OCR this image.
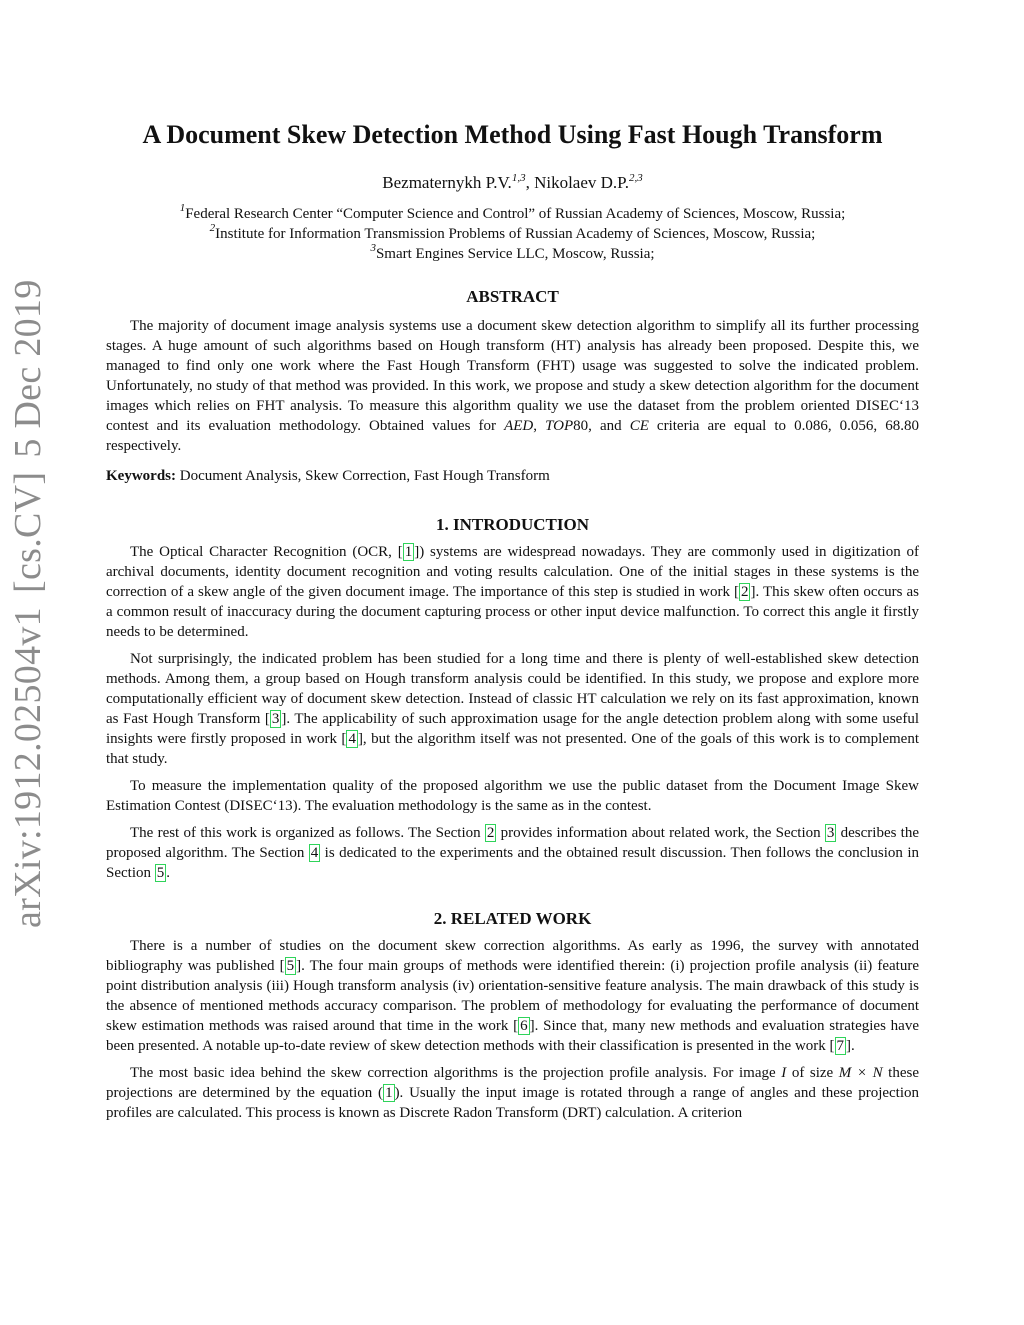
arXiv:1912.02504v1[cs.CV]5 Dec 2019
A Document Skew Detection Method Using Fast Hough Transform
Bezmaternykh P.V.$^{1,3}$, Nikolaev D.P.$^{2,3}$
$^1$Federal Research Center “Computer Science and Control” of Russian Academy of Sciences, Moscow, Russia;
$^2$Institute for Information Transmission Problems of Russian Academy of Sciences, Moscow, Russia;
$^3$Smart Engines Service LLC, Moscow, Russia;
ABSTRACT

The majority of document image analysis systems use a document skew detection algorithm to simplify all its further processing stages. A huge amount of such algorithms based on Hough transform (HT) analysis has already been proposed. Despite this, we managed to find only one work where the Fast Hough Transform (FHT) usage was suggested to solve the indicated problem. Unfortunately, no study of that method was provided. In this work, we propose and study a skew detection algorithm for the document images which relies on FHT analysis. To measure this algorithm quality we use the dataset from the problem oriented DISEC‘13 contest and its evaluation methodology. Obtained values for AED, TOP80, and CE criteria are equal to 0.086, 0.056, 68.80 respectively.

Keywords: Document Analysis, Skew Correction, Fast Hough Transform
1. INTRODUCTION

The Optical Character Recognition (OCR, [ 1 ]) systems are widespread nowadays. They are commonly used in digitization of archival documents, identity document recognition and voting results calculation. One of the initial stages in these systems is the correction of a skew angle of the given document image. The importance of this step is studied in work [ 2 ]. This skew often occurs as a common result of inaccuracy during the document capturing process or other input device malfunction. To correct this angle it firstly needs to be determined.

Not surprisingly, the indicated problem has been studied for a long time and there is plenty of well-established skew detection methods. Among them, a group based on Hough transform analysis could be identified. In this study, we propose and explore more computationally efficient way of document skew detection. Instead of classic HT calculation we rely on its fast approximation, known as Fast Hough Transform [ 3 ]. The applicability of such approximation usage for the angle detection problem along with some useful insights were firstly proposed in work [ 4 ], but the algorithm itself was not presented. One of the goals of this work is to complement that study.

To measure the implementation quality of the proposed algorithm we use the public dataset from the Document Image Skew Estimation Contest (DISEC‘13). The evaluation methodology is the same as in the contest.

The rest of this work is organized as follows. The Section 2 provides information about related work, the Section 3 describes the proposed algorithm. The Section 4 is dedicated to the experiments and the obtained result discussion. Then follows the conclusion in Section 5 .

2. RELATED WORK

There is a number of studies on the document skew correction algorithms. As early as 1996, the survey with annotated bibliography was published [ 5 ]. The four main groups of methods were identified therein: (i) projection profile analysis (ii) feature point distribution analysis (iii) Hough transform analysis (iv) orientation-sensitive feature analysis. The main drawback of this study is the absence of mentioned methods accuracy comparison. The problem of methodology for evaluating the performance of document skew estimation methods was raised around that time in the work [ 6 ]. Since that, many new methods and evaluation strategies have been presented. A notable up-to-date review of skew detection methods with their classification is presented in the work [ 7 ].

The most basic idea behind the skew correction algorithms is the projection profile analysis. For image I of size M × N these projections are determined by the equation ( 1 ). Usually the input image is rotated through a range of angles and these projection profiles are calculated. This process is known as Discrete Radon Transform (DRT) calculation. A criterion
